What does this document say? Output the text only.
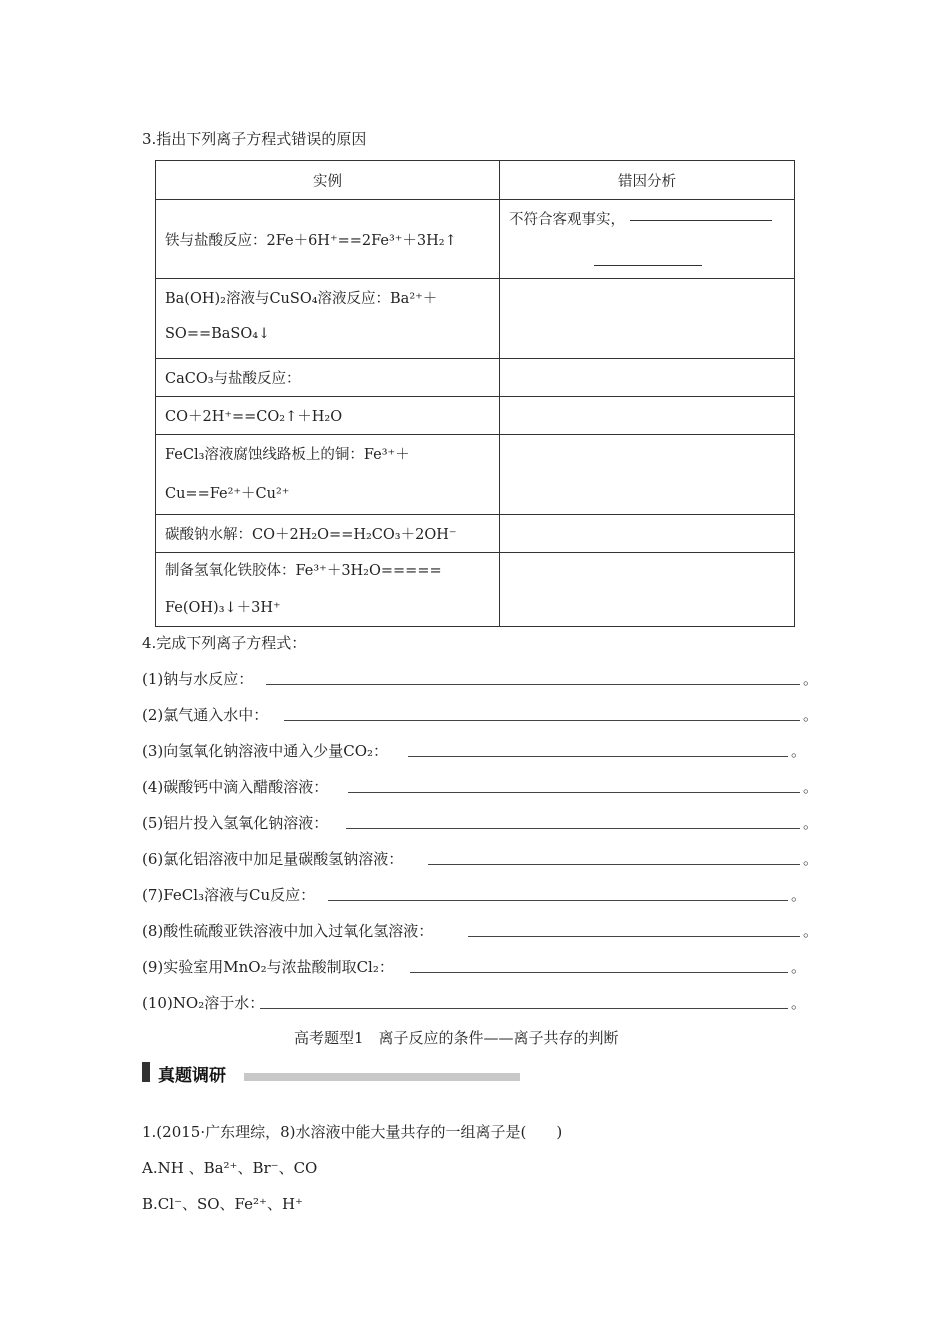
3.指出下列离子方程式错误的原因
实例	错因分析

铁与盐酸反应：2Fe＋6H⁺==2Fe³⁺＋3H₂↑	不符合客观事实，

Ba(OH)₂溶液与CuSO₄溶液反应：Ba²⁺＋
SO==BaSO₄↓	

CaCO₃与盐酸反应：	

CO＋2H⁺==CO₂↑＋H₂O	

FeCl₃溶液腐蚀线路板上的铜：Fe³⁺＋
Cu==Fe²⁺＋Cu²⁺	

碳酸钠水解：CO＋2H₂O==H₂CO₃＋2OH⁻	

制备氢氧化铁胶体：Fe³⁺＋3H₂O=====
Fe(OH)₃↓＋3H⁺	

4.完成下列离子方程式：
(1)钠与水反应：	。
(2)氯气通入水中：	。
(3)向氢氧化钠溶液中通入少量CO₂：	。
(4)碳酸钙中滴入醋酸溶液：	。
(5)铝片投入氢氧化钠溶液：	。
(6)氯化铝溶液中加足量碳酸氢钠溶液：	。
(7)FeCl₃溶液与Cu反应：	。
(8)酸性硫酸亚铁溶液中加入过氧化氢溶液：	。
(9)实验室用MnO₂与浓盐酸制取Cl₂：	。
(10)NO₂溶于水：	。
高考题型1　离子反应的条件——离子共存的判断
真题调研
1.(2015·广东理综，8)水溶液中能大量共存的一组离子是(　　)
A.NH 、Ba²⁺、Br⁻、CO
B.Cl⁻、SO、Fe²⁺、H⁺
